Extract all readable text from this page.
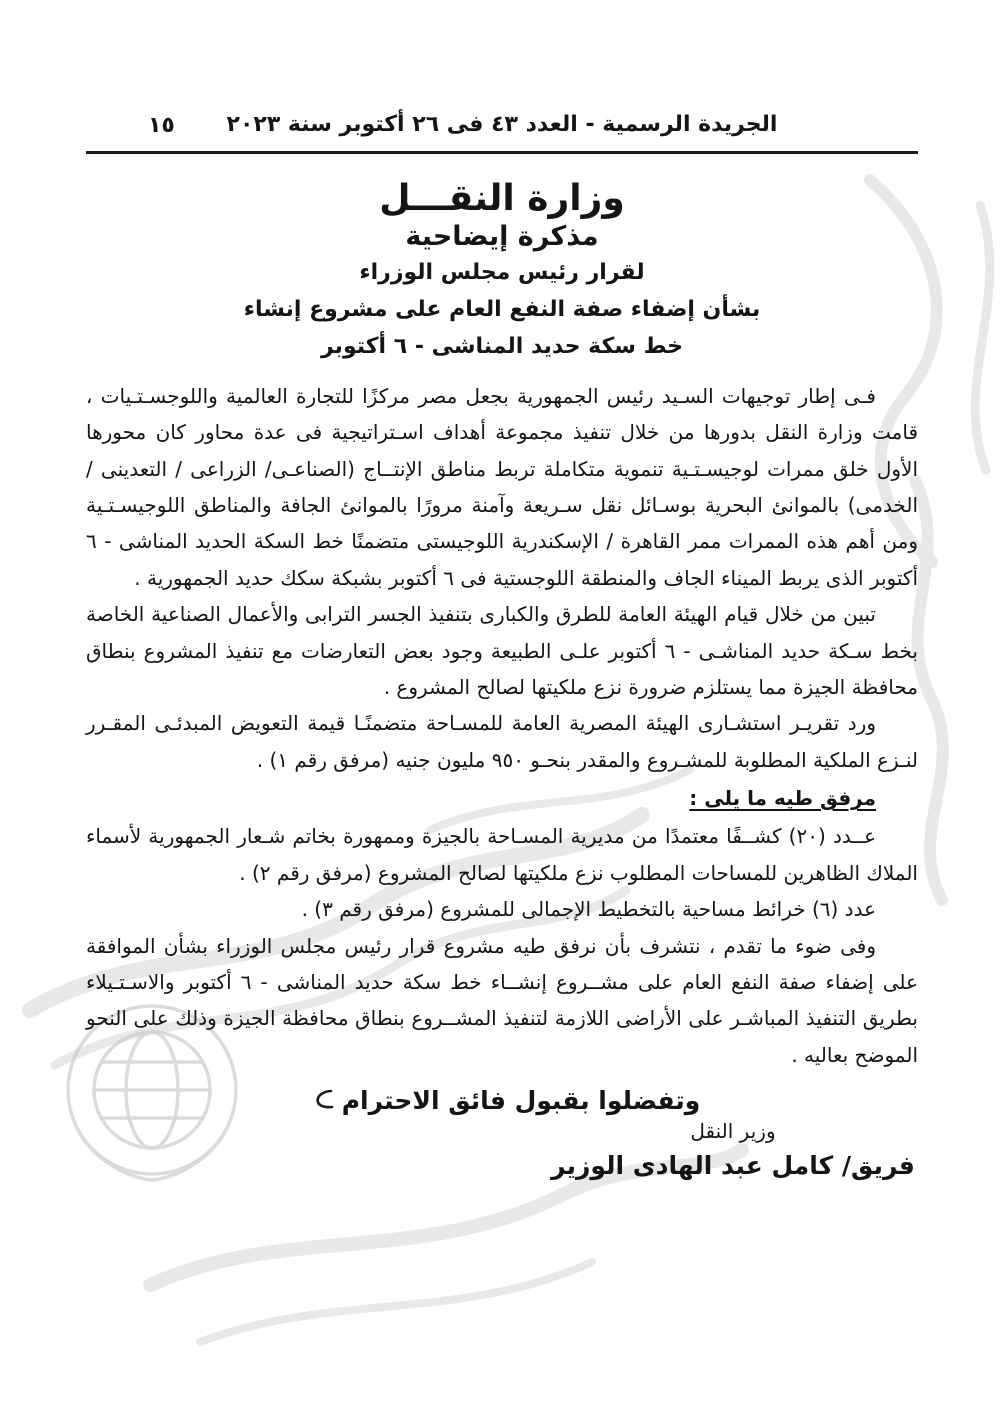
الجريدة الرسمية - العدد ٤٣ فى ٢٦ أكتوبر سنة ٢٠٢٣
١٥
وزارة النقـــل
مذكرة إيضاحية
لقرار رئيس مجلس الوزراء
بشأن إضفاء صفة النفع العام على مشروع إنشاء
خط سكة حديد المناشى - ٦ أكتوبر

فـى إطار توجيهات السـيد رئيس الجمهورية بجعل مصر مركزًا للتجارة العالمية واللوجسـتـيات ، قامت وزارة النقل بدورها من خلال تنفيذ مجموعة أهداف اسـتراتيجية فى عدة محاور كان محورها الأول خلق ممرات لوجيسـتـية تنموية متكاملة تربط مناطق الإنتــاج (الصناعـى/ الزراعى / التعدينى / الخدمى) بالموانئ البحرية بوسـائل نقل سـريعة وآمنة مرورًا بالموانئ الجافة والمناطق اللوجيسـتـية ومن أهم هذه الممرات ممر القاهرة / الإسكندرية اللوجيستى متضمنًا خط السكة الحديد المناشى - ٦ أكتوبر الذى يربط الميناء الجاف والمنطقة اللوجستية فى ٦ أكتوبر بشبكة سكك حديد الجمهورية .

تبين من خلال قيام الهيئة العامة للطرق والكبارى بتنفيذ الجسر الترابى والأعمال الصناعية الخاصة بخط سـكة حديد المناشـى - ٦ أكتوبر علـى الطبيعة وجود بعض التعارضات مع تنفيذ المشروع بنطاق محافظة الجيزة مما يستلزم ضرورة نزع ملكيتها لصالح المشروع .

ورد تقريـر استشـارى الهيئة المصرية العامة للمسـاحة متضمنًـا قيمة التعويض المبدئـى المقـرر لنـزع الملكية المطلوبة للمشـروع والمقدر بنحـو ٩٥٠ مليون جنيه (مرفق رقم ١) .

مرفق طيه ما يلى :

عــدد (٢٠) كشــفًا معتمدًا من مديرية المسـاحة بالجيزة وممهورة بخاتم شـعار الجمهورية لأسماء الملاك الظاهرين للمساحات المطلوب نزع ملكيتها لصالح المشروع (مرفق رقم ٢) .

عدد (٦) خرائط مساحية بالتخطيط الإجمالى للمشروع (مرفق رقم ٣) .

وفى ضوء ما تقدم ، نتشرف بأن نرفق طيه مشروع قرار رئيس مجلس الوزراء بشأن الموافقة على إضفاء صفة النفع العام على مشــروع إنشــاء خط سكة حديد المناشى - ٦ أكتوبر والاسـتـيلاء بطريق التنفيذ المباشـر على الأراضى اللازمة لتنفيذ المشــروع بنطاق محافظة الجيزة وذلك على النحو الموضح بعاليه .

وتفضلوا بقبول فائق الاحترام
وزير النقل
فريق/ كامل عبد الهادى الوزير
